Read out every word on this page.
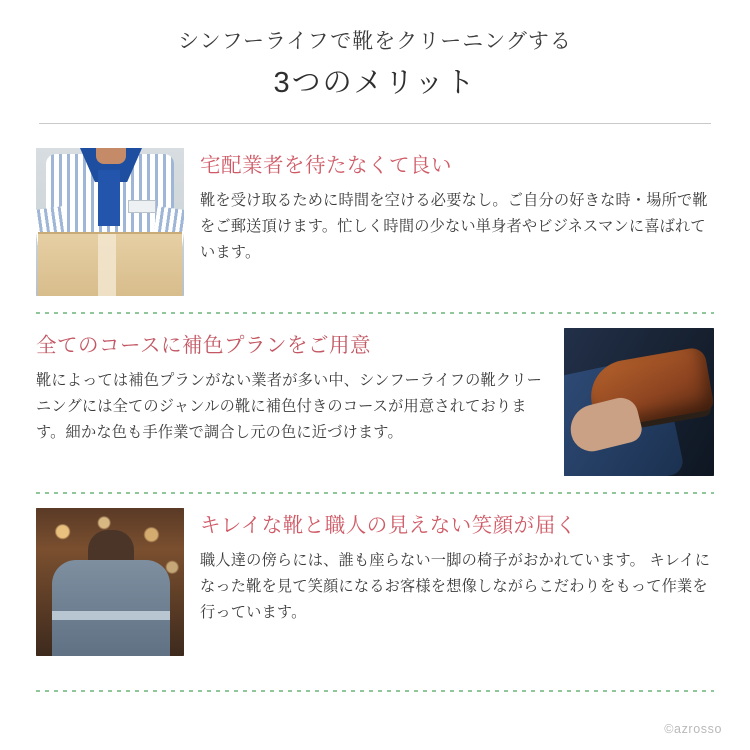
シンフーライフで靴をクリーニングする
3つのメリット
宅配業者を待たなくて良い
靴を受け取るために時間を空ける必要なし。ご自分の好きな時・場所で靴をご郵送頂けます。忙しく時間の少ない単身者やビジネスマンに喜ばれています。
全てのコースに補色プランをご用意
靴によっては補色プランがない業者が多い中、シンフーライフの靴クリーニングには全てのジャンルの靴に補色付きのコースが用意されております。細かな色も手作業で調合し元の色に近づけます。
キレイな靴と職人の見えない笑顔が届く
職人達の傍らには、誰も座らない一脚の椅子がおかれています。 キレイになった靴を見て笑顔になるお客様を想像しながらこだわりをもって作業を行っています。
©azrosso
